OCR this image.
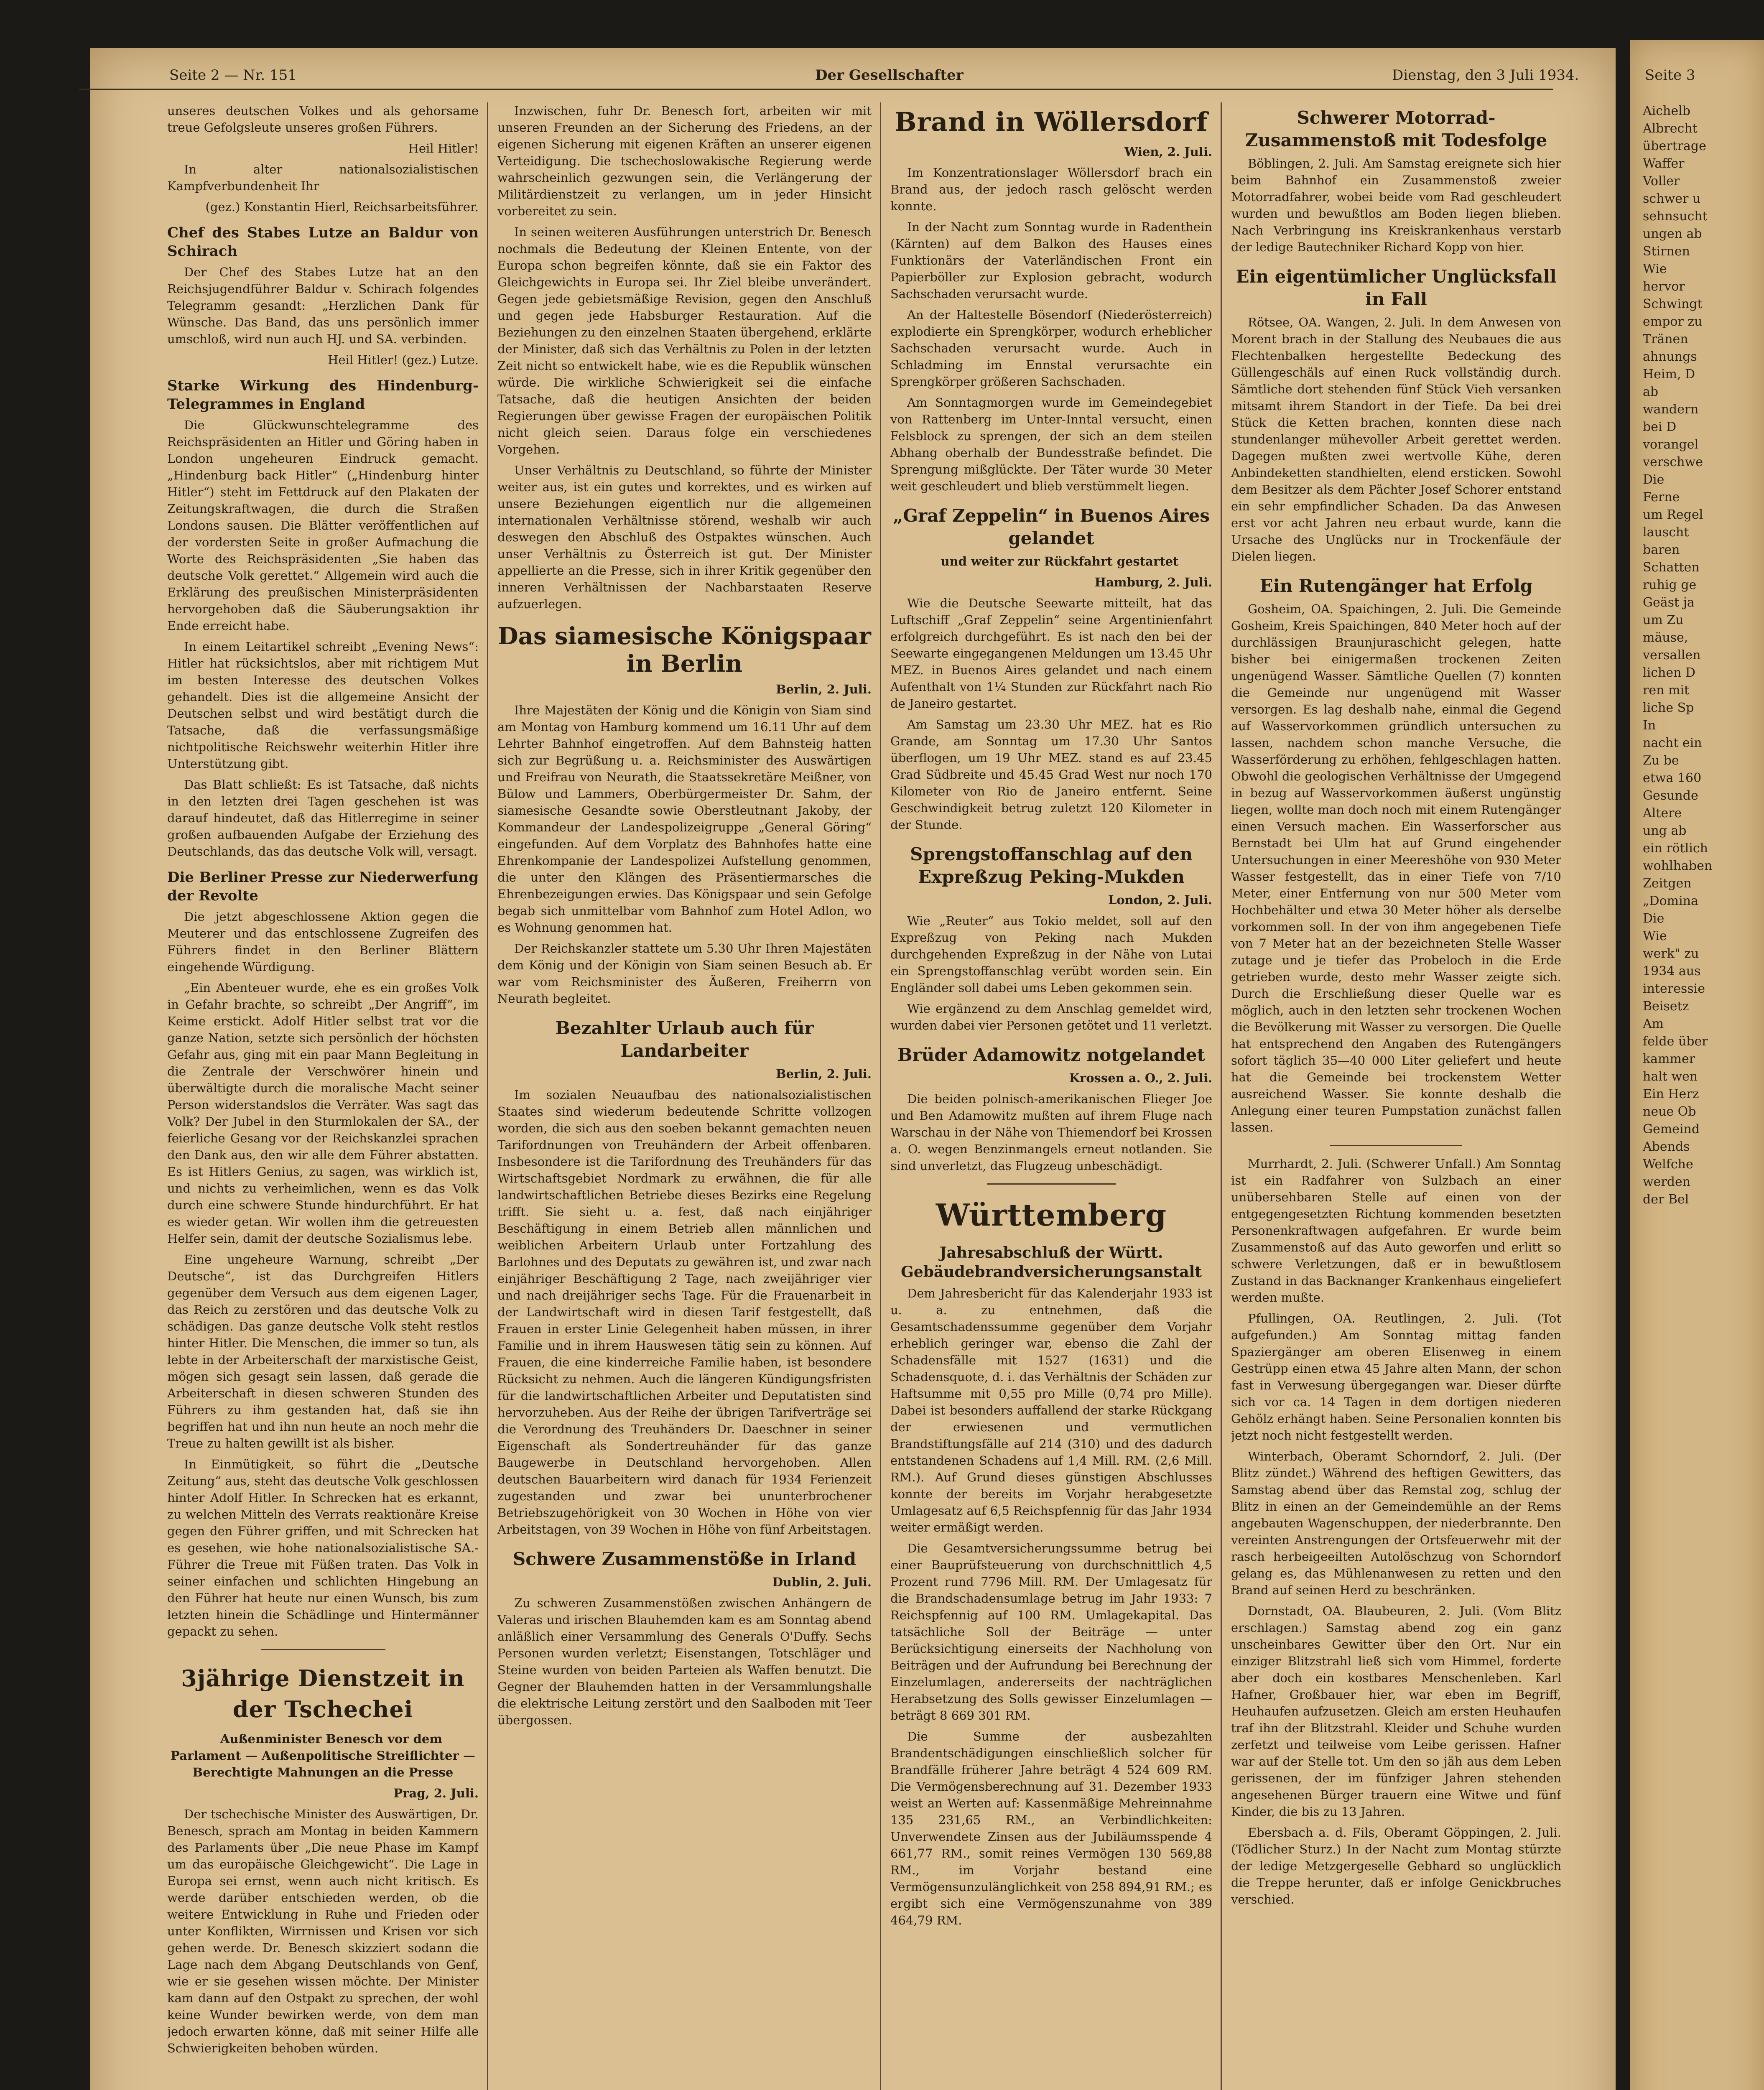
Aichelb
Albrecht
übertrage
Waffer
Voller
schwer u
sehnsucht
ungen ab
Stirnen
Wie
hervor
Schwingt
empor zu
Tränen
ahnungs
Heim, D
ab
wandern
bei D
vorangel
verschwe
Die
Ferne
um Regel
lauscht
baren
Schatten
ruhig ge
Geäst ja
um Zu
mäuse,
versallen
lichen D
ren mit
liche Sp
In
nacht ein
Zu be
etwa 160
Gesunde
Altere
ung ab
ein rötlich
wohlhaben
Zeitgen
„Domina
Die
Wie
werk" zu
1934 aus
interessie
Beisetz
Am
felde über
kammer
halt wen
Ein Herz
neue Ob
Gemeind
Abends
Welfche
werden
der Bel
Seite 2 — Nr. 151	Der Gesellschafter	Dienstag, den 3 Juli 1934.	Seite 3

unseres deutschen Volkes und als gehorsame treue Gefolgsleute unseres großen Führers.

Heil Hitler!

In alter nationalsozialistischen Kampfverbundenheit Ihr

(gez.) Konstantin Hierl, Reichsarbeitsführer.

Chef des Stabes Lutze an Baldur von Schirach

Der Chef des Stabes Lutze hat an den Reichsjugendführer Baldur v. Schirach folgendes Telegramm gesandt: „Herzlichen Dank für Wünsche. Das Band, das uns persönlich immer umschloß, wird nun auch HJ. und SA. verbinden.

Heil Hitler! (gez.) Lutze.

Starke Wirkung des Hindenburg-Telegrammes in England

Die Glückwunschtelegramme des Reichspräsidenten an Hitler und Göring haben in London ungeheuren Eindruck gemacht. „Hindenburg back Hitler“ („Hindenburg hinter Hitler“) steht im Fettdruck auf den Plakaten der Zeitungskraftwagen, die durch die Straßen Londons sausen. Die Blätter veröffentlichen auf der vordersten Seite in großer Aufmachung die Worte des Reichspräsidenten „Sie haben das deutsche Volk gerettet.“ Allgemein wird auch die Erklärung des preußischen Ministerpräsidenten hervorgehoben daß die Säuberungsaktion ihr Ende erreicht habe.

In einem Leitartikel schreibt „Evening News“: Hitler hat rücksichtslos, aber mit richtigem Mut im besten Interesse des deutschen Volkes gehandelt. Dies ist die allgemeine Ansicht der Deutschen selbst und wird bestätigt durch die Tatsache, daß die verfassungsmäßige nichtpolitische Reichswehr weiterhin Hitler ihre Unterstützung gibt.

Das Blatt schließt: Es ist Tatsache, daß nichts in den letzten drei Tagen geschehen ist was darauf hindeutet, daß das Hitlerregime in seiner großen aufbauenden Aufgabe der Erziehung des Deutschlands, das das deutsche Volk will, versagt.

Die Berliner Presse zur Niederwerfung der Revolte

Die jetzt abgeschlossene Aktion gegen die Meuterer und das entschlossene Zugreifen des Führers findet in den Berliner Blättern eingehende Würdigung.

„Ein Abenteuer wurde, ehe es ein großes Volk in Gefahr brachte, so schreibt „Der Angriff“, im Keime erstickt. Adolf Hitler selbst trat vor die ganze Nation, setzte sich persönlich der höchsten Gefahr aus, ging mit ein paar Mann Begleitung in die Zentrale der Verschwörer hinein und überwältigte durch die moralische Macht seiner Person widerstandslos die Verräter. Was sagt das Volk? Der Jubel in den Sturmlokalen der SA., der feierliche Gesang vor der Reichskanzlei sprachen den Dank aus, den wir alle dem Führer abstatten. Es ist Hitlers Genius, zu sagen, was wirklich ist, und nichts zu verheimlichen, wenn es das Volk durch eine schwere Stunde hindurchführt. Er hat es wieder getan. Wir wollen ihm die getreuesten Helfer sein, damit der deutsche Sozialismus lebe.

Eine ungeheure Warnung, schreibt „Der Deutsche“, ist das Durchgreifen Hitlers gegenüber dem Versuch aus dem eigenen Lager, das Reich zu zerstören und das deutsche Volk zu schädigen. Das ganze deutsche Volk steht restlos hinter Hitler. Die Menschen, die immer so tun, als lebte in der Arbeiterschaft der marxistische Geist, mögen sich gesagt sein lassen, daß gerade die Arbeiterschaft in diesen schweren Stunden des Führers zu ihm gestanden hat, daß sie ihn begriffen hat und ihn nun heute an noch mehr die Treue zu halten gewillt ist als bisher.

In Einmütigkeit, so führt die „Deutsche Zeitung“ aus, steht das deutsche Volk geschlossen hinter Adolf Hitler. In Schrecken hat es erkannt, zu welchen Mitteln des Verrats reaktionäre Kreise gegen den Führer griffen, und mit Schrecken hat es gesehen, wie hohe nationalsozialistische SA.-Führer die Treue mit Füßen traten. Das Volk in seiner einfachen und schlichten Hingebung an den Führer hat heute nur einen Wunsch, bis zum letzten hinein die Schädlinge und Hintermänner gepackt zu sehen.

3jährige Dienstzeit in der Tschechei

Außenminister Benesch vor dem Parlament — Außenpolitische Streiflichter — Berechtigte Mahnungen an die Presse

Prag, 2. Juli.

Der tschechische Minister des Auswärtigen, Dr. Benesch, sprach am Montag in beiden Kammern des Parlaments über „Die neue Phase im Kampf um das europäische Gleichgewicht“. Die Lage in Europa sei ernst, wenn auch nicht kritisch. Es werde darüber entschieden werden, ob die weitere Entwicklung in Ruhe und Frieden oder unter Konflikten, Wirrnissen und Krisen vor sich gehen werde. Dr. Benesch skizziert sodann die Lage nach dem Abgang Deutschlands von Genf, wie er sie gesehen wissen möchte. Der Minister kam dann auf den Ostpakt zu sprechen, der wohl keine Wunder bewirken werde, von dem man jedoch erwarten könne, daß mit seiner Hilfe alle Schwierigkeiten behoben würden.

Inzwischen, fuhr Dr. Benesch fort, arbeiten wir mit unseren Freunden an der Sicherung des Friedens, an der eigenen Sicherung mit eigenen Kräften an unserer eigenen Verteidigung. Die tschechoslowakische Regierung werde wahrscheinlich gezwungen sein, die Verlängerung der Militärdienstzeit zu verlangen, um in jeder Hinsicht vorbereitet zu sein.

In seinen weiteren Ausführungen unterstrich Dr. Benesch nochmals die Bedeutung der Kleinen Entente, von der Europa schon begreifen könnte, daß sie ein Faktor des Gleichgewichts in Europa sei. Ihr Ziel bleibe unverändert. Gegen jede gebietsmäßige Revision, gegen den Anschluß und gegen jede Habsburger Restauration. Auf die Beziehungen zu den einzelnen Staaten übergehend, erklärte der Minister, daß sich das Verhältnis zu Polen in der letzten Zeit nicht so entwickelt habe, wie es die Republik wünschen würde. Die wirkliche Schwierigkeit sei die einfache Tatsache, daß die heutigen Ansichten der beiden Regierungen über gewisse Fragen der europäischen Politik nicht gleich seien. Daraus folge ein verschiedenes Vorgehen.

Unser Verhältnis zu Deutschland, so führte der Minister weiter aus, ist ein gutes und korrektes, und es wirken auf unsere Beziehungen eigentlich nur die allgemeinen internationalen Verhältnisse störend, weshalb wir auch deswegen den Abschluß des Ostpaktes wünschen. Auch unser Verhältnis zu Österreich ist gut. Der Minister appellierte an die Presse, sich in ihrer Kritik gegenüber den inneren Verhältnissen der Nachbarstaaten Reserve aufzuerlegen.

Das siamesische Königspaar in Berlin

Berlin, 2. Juli.

Ihre Majestäten der König und die Königin von Siam sind am Montag von Hamburg kommend um 16.11 Uhr auf dem Lehrter Bahnhof eingetroffen. Auf dem Bahnsteig hatten sich zur Begrüßung u. a. Reichsminister des Auswärtigen und Freifrau von Neurath, die Staatssekretäre Meißner, von Bülow und Lammers, Oberbürgermeister Dr. Sahm, der siamesische Gesandte sowie Oberstleutnant Jakoby, der Kommandeur der Landespolizeigruppe „General Göring“ eingefunden. Auf dem Vorplatz des Bahnhofes hatte eine Ehrenkompanie der Landespolizei Aufstellung genommen, die unter den Klängen des Präsentiermarsches die Ehrenbezeigungen erwies. Das Königspaar und sein Gefolge begab sich unmittelbar vom Bahnhof zum Hotel Adlon, wo es Wohnung genommen hat.

Der Reichskanzler stattete um 5.30 Uhr Ihren Majestäten dem König und der Königin von Siam seinen Besuch ab. Er war vom Reichsminister des Äußeren, Freiherrn von Neurath begleitet.

Bezahlter Urlaub auch für Landarbeiter

Berlin, 2. Juli.

Im sozialen Neuaufbau des nationalsozialistischen Staates sind wiederum bedeutende Schritte vollzogen worden, die sich aus den soeben bekannt gemachten neuen Tarifordnungen von Treuhändern der Arbeit offenbaren. Insbesondere ist die Tarifordnung des Treuhänders für das Wirtschaftsgebiet Nordmark zu erwähnen, die für alle landwirtschaftlichen Betriebe dieses Bezirks eine Regelung trifft. Sie sieht u. a. fest, daß nach einjähriger Beschäftigung in einem Betrieb allen männlichen und weiblichen Arbeitern Urlaub unter Fortzahlung des Barlohnes und des Deputats zu gewähren ist, und zwar nach einjähriger Beschäftigung 2 Tage, nach zweijähriger vier und nach dreijähriger sechs Tage. Für die Frauenarbeit in der Landwirtschaft wird in diesen Tarif festgestellt, daß Frauen in erster Linie Gelegenheit haben müssen, in ihrer Familie und in ihrem Hauswesen tätig sein zu können. Auf Frauen, die eine kinderreiche Familie haben, ist besondere Rücksicht zu nehmen. Auch die längeren Kündigungsfristen für die landwirtschaftlichen Arbeiter und Deputatisten sind hervorzuheben. Aus der Reihe der übrigen Tarifverträge sei die Verordnung des Treuhänders Dr. Daeschner in seiner Eigenschaft als Sondertreuhänder für das ganze Baugewerbe in Deutschland hervorgehoben. Allen deutschen Bauarbeitern wird danach für 1934 Ferienzeit zugestanden und zwar bei ununterbrochener Betriebszugehörigkeit von 30 Wochen in Höhe von vier Arbeitstagen, von 39 Wochen in Höhe von fünf Arbeitstagen.

Schwere Zusammenstöße in Irland

Dublin, 2. Juli.

Zu schweren Zusammenstößen zwischen Anhängern de Valeras und irischen Blauhemden kam es am Sonntag abend anläßlich einer Versammlung des Generals O'Duffy. Sechs Personen wurden verletzt; Eisenstangen, Totschläger und Steine wurden von beiden Parteien als Waffen benutzt. Die Gegner der Blauhemden hatten in der Versammlungshalle die elektrische Leitung zerstört und den Saalboden mit Teer übergossen.

Brand in Wöllersdorf

Wien, 2. Juli.

Im Konzentrationslager Wöllersdorf brach ein Brand aus, der jedoch rasch gelöscht werden konnte.

In der Nacht zum Sonntag wurde in Radenthein (Kärnten) auf dem Balkon des Hauses eines Funktionärs der Vaterländischen Front ein Papierböller zur Explosion gebracht, wodurch Sachschaden verursacht wurde.

An der Haltestelle Bösendorf (Niederösterreich) explodierte ein Sprengkörper, wodurch erheblicher Sachschaden verursacht wurde. Auch in Schladming im Ennstal verursachte ein Sprengkörper größeren Sachschaden.

Am Sonntagmorgen wurde im Gemeindegebiet von Rattenberg im Unter-Inntal versucht, einen Felsblock zu sprengen, der sich an dem steilen Abhang oberhalb der Bundesstraße befindet. Die Sprengung mißglückte. Der Täter wurde 30 Meter weit geschleudert und blieb verstümmelt liegen.

„Graf Zeppelin“ in Buenos Aires gelandet

und weiter zur Rückfahrt gestartet

Hamburg, 2. Juli.

Wie die Deutsche Seewarte mitteilt, hat das Luftschiff „Graf Zeppelin“ seine Argentinienfahrt erfolgreich durchgeführt. Es ist nach den bei der Seewarte eingegangenen Meldungen um 13.45 Uhr MEZ. in Buenos Aires gelandet und nach einem Aufenthalt von 1¼ Stunden zur Rückfahrt nach Rio de Janeiro gestartet.

Am Samstag um 23.30 Uhr MEZ. hat es Rio Grande, am Sonntag um 17.30 Uhr Santos überflogen, um 19 Uhr MEZ. stand es auf 23.45 Grad Südbreite und 45.45 Grad West nur noch 170 Kilometer von Rio de Janeiro entfernt. Seine Geschwindigkeit betrug zuletzt 120 Kilometer in der Stunde.

Sprengstoffanschlag auf den Expreßzug Peking-Mukden

London, 2. Juli.

Wie „Reuter“ aus Tokio meldet, soll auf den Expreßzug von Peking nach Mukden durchgehenden Expreßzug in der Nähe von Lutai ein Sprengstoffanschlag verübt worden sein. Ein Engländer soll dabei ums Leben gekommen sein.

Wie ergänzend zu dem Anschlag gemeldet wird, wurden dabei vier Personen getötet und 11 verletzt.

Brüder Adamowitz notgelandet

Krossen a. O., 2. Juli.

Die beiden polnisch-amerikanischen Flieger Joe und Ben Adamowitz mußten auf ihrem Fluge nach Warschau in der Nähe von Thiemendorf bei Krossen a. O. wegen Benzinmangels erneut notlanden. Sie sind unverletzt, das Flugzeug unbeschädigt.

Württemberg
Jahresabschluß der Württ. Gebäudebrandversicherungsanstalt

Dem Jahresbericht für das Kalenderjahr 1933 ist u. a. zu entnehmen, daß die Gesamtschadenssumme gegenüber dem Vorjahr erheblich geringer war, ebenso die Zahl der Schadensfälle mit 1527 (1631) und die Schadensquote, d. i. das Verhältnis der Schäden zur Haftsumme mit 0,55 pro Mille (0,74 pro Mille). Dabei ist besonders auffallend der starke Rückgang der erwiesenen und vermutlichen Brandstiftungsfälle auf 214 (310) und des dadurch entstandenen Schadens auf 1,4 Mill. RM. (2,6 Mill. RM.). Auf Grund dieses günstigen Abschlusses konnte der bereits im Vorjahr herabgesetzte Umlagesatz auf 6,5 Reichspfennig für das Jahr 1934 weiter ermäßigt werden.

Die Gesamtversicherungssumme betrug bei einer Bauprüfsteuerung von durchschnittlich 4,5 Prozent rund 7796 Mill. RM. Der Umlagesatz für die Brandschadensumlage betrug im Jahr 1933: 7 Reichspfennig auf 100 RM. Umlagekapital. Das tatsächliche Soll der Beiträge — unter Berücksichtigung einerseits der Nachholung von Beiträgen und der Aufrundung bei Berechnung der Einzelumlagen, andererseits der nachträglichen Herabsetzung des Solls gewisser Einzelumlagen — beträgt 8 669 301 RM.

Die Summe der ausbezahlten Brandentschädigungen einschließlich solcher für Brandfälle früherer Jahre beträgt 4 524 609 RM. Die Vermögensberechnung auf 31. Dezember 1933 weist an Werten auf: Kassenmäßige Mehreinnahme 135 231,65 RM., an Verbindlichkeiten: Unverwendete Zinsen aus der Jubiläumsspende 4 661,77 RM., somit reines Vermögen 130 569,88 RM., im Vorjahr bestand eine Vermögensunzulänglichkeit von 258 894,91 RM.; es ergibt sich eine Vermögenszunahme von 389 464,79 RM.

Schwerer Motorrad-Zusammenstoß mit Todesfolge

Böblingen, 2. Juli. Am Samstag ereignete sich hier beim Bahnhof ein Zusammenstoß zweier Motorradfahrer, wobei beide vom Rad geschleudert wurden und bewußtlos am Boden liegen blieben. Nach Verbringung ins Kreiskrankenhaus verstarb der ledige Bautechniker Richard Kopp von hier.

Ein eigentümlicher Unglücksfall in Fall

Rötsee, OA. Wangen, 2. Juli. In dem Anwesen von Morent brach in der Stallung des Neubaues die aus Flechtenbalken hergestellte Bedeckung des Güllengeschäls auf einen Ruck vollständig durch. Sämtliche dort stehenden fünf Stück Vieh versanken mitsamt ihrem Standort in der Tiefe. Da bei drei Stück die Ketten brachen, konnten diese nach stundenlanger mühevoller Arbeit gerettet werden. Dagegen mußten zwei wertvolle Kühe, deren Anbindeketten standhielten, elend ersticken. Sowohl dem Besitzer als dem Pächter Josef Schorer entstand ein sehr empfindlicher Schaden. Da das Anwesen erst vor acht Jahren neu erbaut wurde, kann die Ursache des Unglücks nur in Trockenfäule der Dielen liegen.

Ein Rutengänger hat Erfolg

Gosheim, OA. Spaichingen, 2. Juli. Die Gemeinde Gosheim, Kreis Spaichingen, 840 Meter hoch auf der durchlässigen Braunjuraschicht gelegen, hatte bisher bei einigermaßen trockenen Zeiten ungenügend Wasser. Sämtliche Quellen (7) konnten die Gemeinde nur ungenügend mit Wasser versorgen. Es lag deshalb nahe, einmal die Gegend auf Wasservorkommen gründlich untersuchen zu lassen, nachdem schon manche Versuche, die Wasserförderung zu erhöhen, fehlgeschlagen hatten. Obwohl die geologischen Verhältnisse der Umgegend in bezug auf Wasservorkommen äußerst ungünstig liegen, wollte man doch noch mit einem Rutengänger einen Versuch machen. Ein Wasserforscher aus Bernstadt bei Ulm hat auf Grund eingehender Untersuchungen in einer Meereshöhe von 930 Meter Wasser festgestellt, das in einer Tiefe von 7/10 Meter, einer Entfernung von nur 500 Meter vom Hochbehälter und etwa 30 Meter höher als derselbe vorkommen soll. In der von ihm angegebenen Tiefe von 7 Meter hat an der bezeichneten Stelle Wasser zutage und je tiefer das Probeloch in die Erde getrieben wurde, desto mehr Wasser zeigte sich. Durch die Erschließung dieser Quelle war es möglich, auch in den letzten sehr trockenen Wochen die Bevölkerung mit Wasser zu versorgen. Die Quelle hat entsprechend den Angaben des Rutengängers sofort täglich 35—40 000 Liter geliefert und heute hat die Gemeinde bei trockenstem Wetter ausreichend Wasser. Sie konnte deshalb die Anlegung einer teuren Pumpstation zunächst fallen lassen.

Murrhardt, 2. Juli. (Schwerer Unfall.) Am Sonntag ist ein Radfahrer von Sulzbach an einer unübersehbaren Stelle auf einen von der entgegengesetzten Richtung kommenden besetzten Personenkraftwagen aufgefahren. Er wurde beim Zusammenstoß auf das Auto geworfen und erlitt so schwere Verletzungen, daß er in bewußtlosem Zustand in das Backnanger Krankenhaus eingeliefert werden mußte.

Pfullingen, OA. Reutlingen, 2. Juli. (Tot aufgefunden.) Am Sonntag mittag fanden Spaziergänger am oberen Elisenweg in einem Gestrüpp einen etwa 45 Jahre alten Mann, der schon fast in Verwesung übergegangen war. Dieser dürfte sich vor ca. 14 Tagen in dem dortigen niederen Gehölz erhängt haben. Seine Personalien konnten bis jetzt noch nicht festgestellt werden.

Winterbach, Oberamt Schorndorf, 2. Juli. (Der Blitz zündet.) Während des heftigen Gewitters, das Samstag abend über das Remstal zog, schlug der Blitz in einen an der Gemeindemühle an der Rems angebauten Wagenschuppen, der niederbrannte. Den vereinten Anstrengungen der Ortsfeuerwehr mit der rasch herbeigeeilten Autolöschzug von Schorndorf gelang es, das Mühlenanwesen zu retten und den Brand auf seinen Herd zu beschränken.

Dornstadt, OA. Blaubeuren, 2. Juli. (Vom Blitz erschlagen.) Samstag abend zog ein ganz unscheinbares Gewitter über den Ort. Nur ein einziger Blitzstrahl ließ sich vom Himmel, forderte aber doch ein kostbares Menschenleben. Karl Hafner, Großbauer hier, war eben im Begriff, Heuhaufen aufzusetzen. Gleich am ersten Heuhaufen traf ihn der Blitzstrahl. Kleider und Schuhe wurden zerfetzt und teilweise vom Leibe gerissen. Hafner war auf der Stelle tot. Um den so jäh aus dem Leben gerissenen, der im fünfziger Jahren stehenden angesehenen Bürger trauern eine Witwe und fünf Kinder, die bis zu 13 Jahren.

Ebersbach a. d. Fils, Oberamt Göppingen, 2. Juli. (Tödlicher Sturz.) In der Nacht zum Montag stürzte der ledige Metzgergeselle Gebhard so unglücklich die Treppe herunter, daß er infolge Genickbruches verschied.
